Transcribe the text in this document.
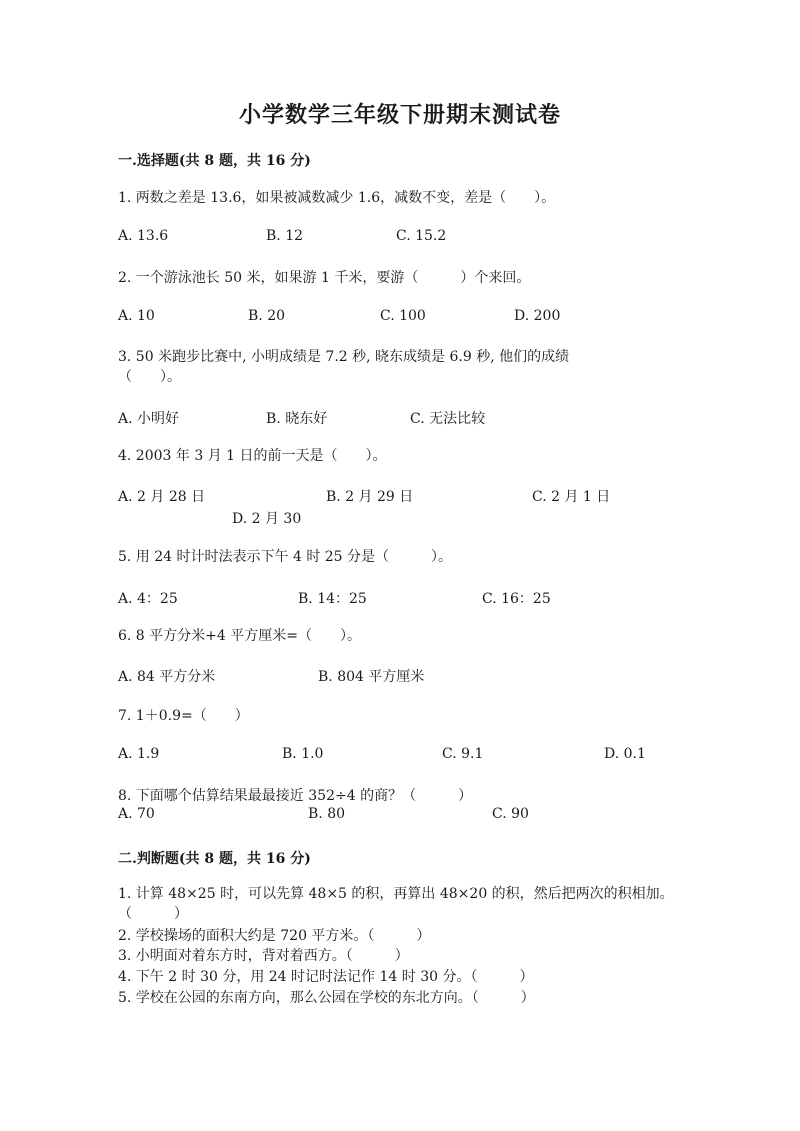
小学数学三年级下册期末测试卷
一.选择题(共 8 题，共 16 分)
1. 两数之差是 13.6，如果被减数减少 1.6，减数不变，差是（　　）。
A. 13.6	B. 12	C. 15.2
2. 一个游泳池长 50 米，如果游 1 千米，要游（　　　）个来回。
A. 10	B. 20	C. 100	D. 200
3. 50 米跑步比赛中, 小明成绩是 7.2 秒, 晓东成绩是 6.9 秒, 他们的成绩（　　）。
A. 小明好	B. 晓东好	C. 无法比较
4. 2003 年 3 月 1 日的前一天是（　　）。
A. 2 月 28 日	B. 2 月 29 日	C. 2 月 1 日
D. 2 月 30
5. 用 24 时计时法表示下午 4 时 25 分是（　　　）。
A. 4：25	B. 14：25	C. 16：25
6. 8 平方分米+4 平方厘米=（　　）。
A. 84 平方分米	B. 804 平方厘米
7. 1＋0.9=（　　）
A. 1.9	B. 1.0	C. 9.1	D. 0.1
8. 下面哪个估算结果最最接近 352÷4 的商？（　　　）
A. 70	B. 80	C. 90
二.判断题(共 8 题，共 16 分)
1. 计算 48×25 时，可以先算 48×5 的积，再算出 48×20 的积，然后把两次的积相加。（　　　）
2. 学校操场的面积大约是 720 平方米。（　　　）
3. 小明面对着东方时，背对着西方。（　　　）
4. 下午 2 时 30 分，用 24 时记时法记作 14 时 30 分。（　　　）
5. 学校在公园的东南方向，那么公园在学校的东北方向。（　　　）
